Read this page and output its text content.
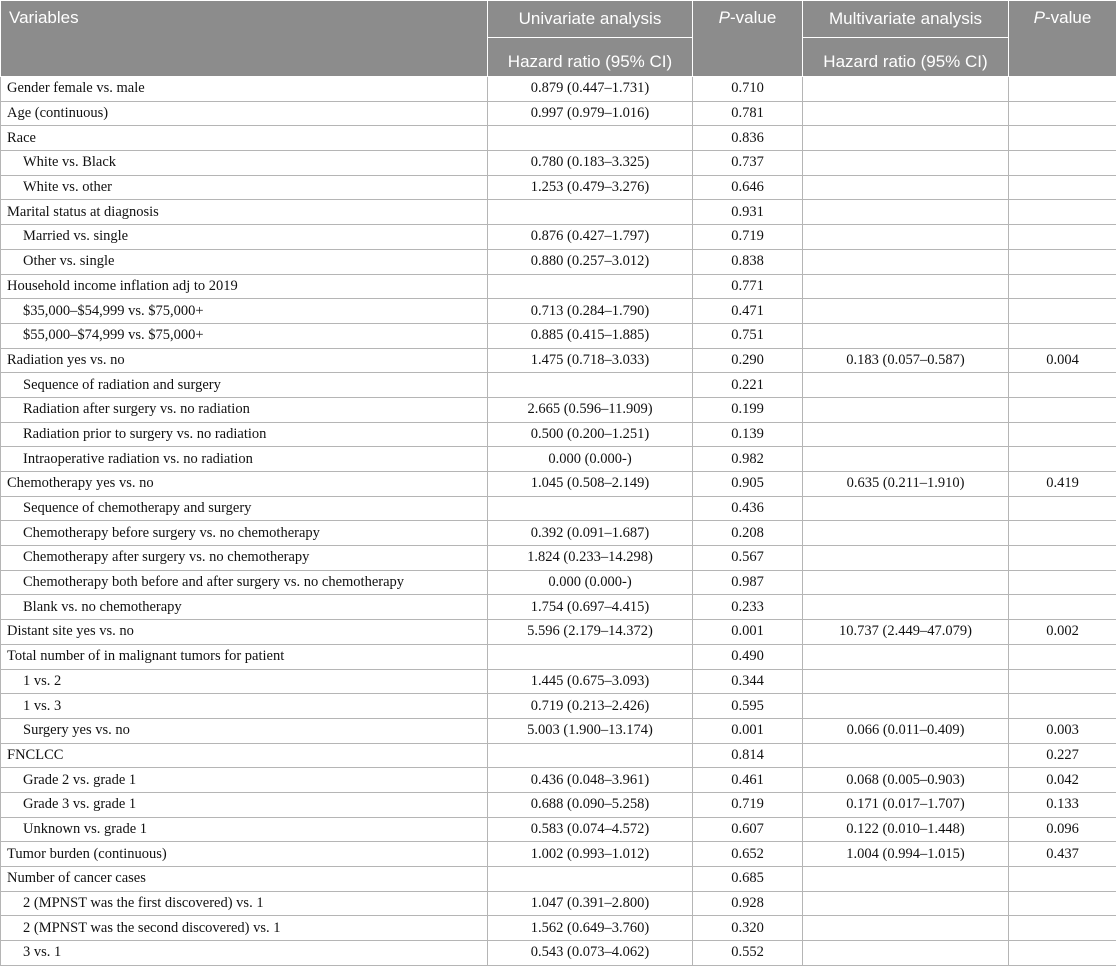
Variables	Univariate analysis	P-value	Multivariate analysis	P-value
	Hazard ratio (95% CI)		Hazard ratio (95% CI)	
Gender female vs. male	0.879 (0.447–1.731)	0.710		
Age (continuous)	0.997 (0.979–1.016)	0.781		
Race		0.836		
White vs. Black	0.780 (0.183–3.325)	0.737		
White vs. other	1.253 (0.479–3.276)	0.646		
Marital status at diagnosis		0.931		
Married vs. single	0.876 (0.427–1.797)	0.719		
Other vs. single	0.880 (0.257–3.012)	0.838		
Household income inflation adj to 2019		0.771		
$35,000–$54,999 vs. $75,000+	0.713 (0.284–1.790)	0.471		
$55,000–$74,999 vs. $75,000+	0.885 (0.415–1.885)	0.751		
Radiation yes vs. no	1.475 (0.718–3.033)	0.290	0.183 (0.057–0.587)	0.004
Sequence of radiation and surgery		0.221		
Radiation after surgery vs. no radiation	2.665 (0.596–11.909)	0.199		
Radiation prior to surgery vs. no radiation	0.500 (0.200–1.251)	0.139		
Intraoperative radiation vs. no radiation	0.000 (0.000-)	0.982		
Chemotherapy yes vs. no	1.045 (0.508–2.149)	0.905	0.635 (0.211–1.910)	0.419
Sequence of chemotherapy and surgery		0.436		
Chemotherapy before surgery vs. no chemotherapy	0.392 (0.091–1.687)	0.208		
Chemotherapy after surgery vs. no chemotherapy	1.824 (0.233–14.298)	0.567		
Chemotherapy both before and after surgery vs. no chemotherapy	0.000 (0.000-)	0.987		
Blank vs. no chemotherapy	1.754 (0.697–4.415)	0.233		
Distant site yes vs. no	5.596 (2.179–14.372)	0.001	10.737 (2.449–47.079)	0.002
Total number of in malignant tumors for patient		0.490		
1 vs. 2	1.445 (0.675–3.093)	0.344		
1 vs. 3	0.719 (0.213–2.426)	0.595		
Surgery yes vs. no	5.003 (1.900–13.174)	0.001	0.066 (0.011–0.409)	0.003
FNCLCC		0.814		0.227
Grade 2 vs. grade 1	0.436 (0.048–3.961)	0.461	0.068 (0.005–0.903)	0.042
Grade 3 vs. grade 1	0.688 (0.090–5.258)	0.719	0.171 (0.017–1.707)	0.133
Unknown vs. grade 1	0.583 (0.074–4.572)	0.607	0.122 (0.010–1.448)	0.096
Tumor burden (continuous)	1.002 (0.993–1.012)	0.652	1.004 (0.994–1.015)	0.437
Number of cancer cases		0.685		
2 (MPNST was the first discovered) vs. 1	1.047 (0.391–2.800)	0.928		
2 (MPNST was the second discovered) vs. 1	1.562 (0.649–3.760)	0.320		
3 vs. 1	0.543 (0.073–4.062)	0.552		
